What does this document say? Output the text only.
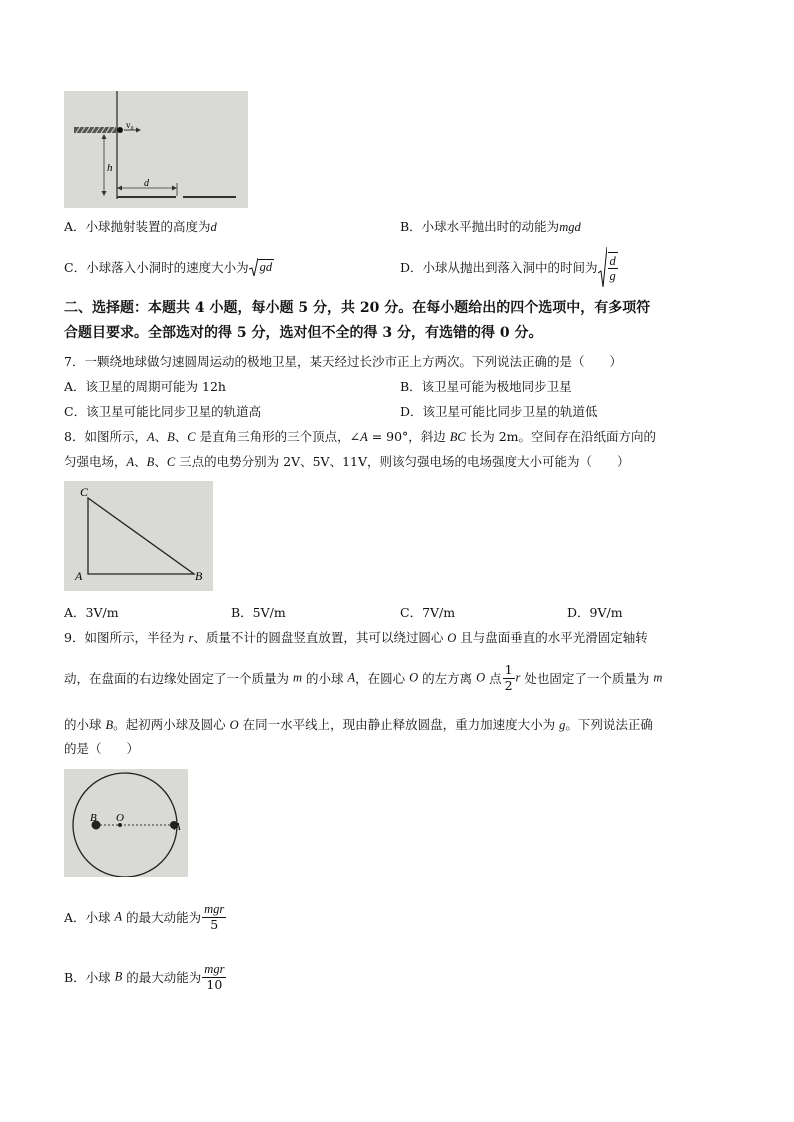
v₀
h
d
A．小球抛射装置的高度为d	B．小球水平抛出时的动能为mgd
C．小球落入小洞时的速度大小为 gd	D．小球从抛出到落入洞中的时间为 $\frac{d}{g}$
二、选择题：本题共 4 小题，每小题 5 分，共 20 分。在每小题给出的四个选项中，有多项符
合题目要求。全部选对的得 5 分，选对但不全的得 3 分，有选错的得 0 分。
7．一颗绕地球做匀速圆周运动的极地卫星，某天经过长沙市正上方两次。下列说法正确的是（　　）
A．该卫星的周期可能为 12h	B．该卫星可能为极地同步卫星
C．该卫星可能比同步卫星的轨道高	D．该卫星可能比同步卫星的轨道低
8．如图所示，A、B、C 是直角三角形的三个顶点，∠A = 90°，斜边 BC 长为 2m。空间存在沿纸面方向的
匀强电场，A、B、C 三点的电势分别为 2V、5V、11V，则该匀强电场的电场强度大小可能为（　　）
C
A	B
A．3V/m	B．5V/m	C．7V/m	D．9V/m
9．如图所示，半径为 r、质量不计的圆盘竖直放置，其可以绕过圆心 O 且与盘面垂直的水平光滑固定轴转
动，在盘面的右边缘处固定了一个质量为 m 的小球 A，在圆心 O 的左方离 O 点 $\frac{1}{2}$ r 处也固定了一个质量为 m
的小球 B。起初两小球及圆心 O 在同一水平线上，现由静止释放圆盘，重力加速度大小为 g。下列说法正确
的是（　　）
B O
A
A．小球 A 的最大动能为 $\frac{\text{mgr}}{5}$
B．小球 B 的最大动能为 $\frac{\text{mgr}}{10}$
